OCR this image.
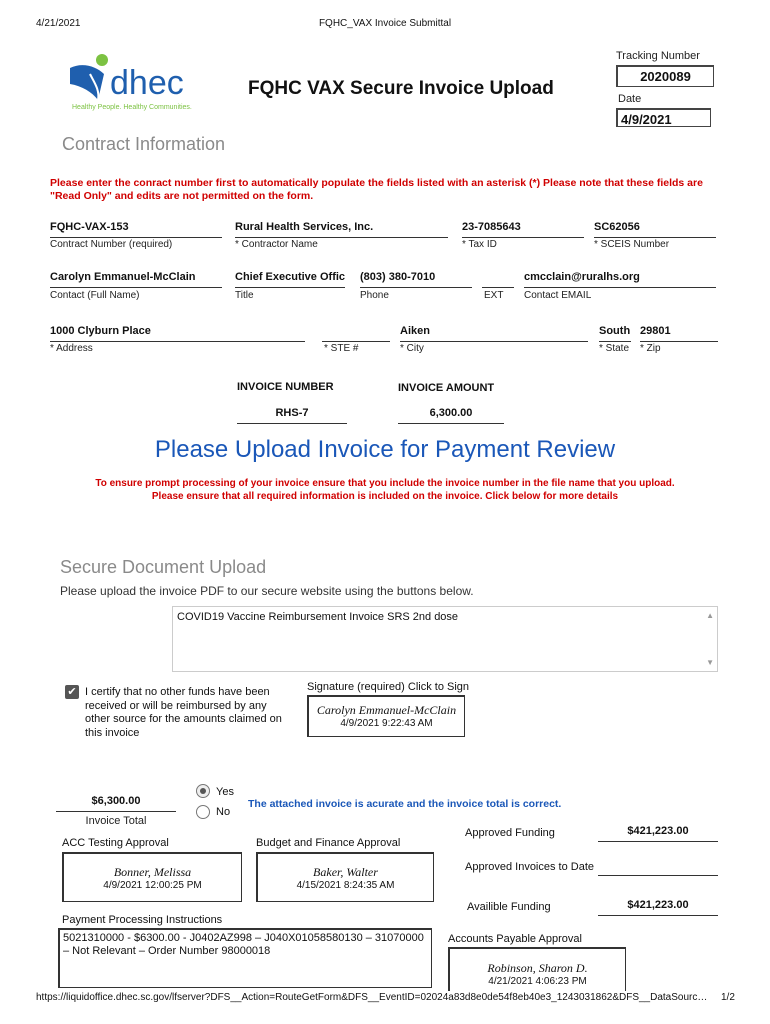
4/21/2021	FQHC_VAX Invoice Submittal
dhec
Healthy People. Healthy Communities.
FQHC VAX Secure Invoice Upload
Tracking Number
2020089
Date
4/9/2021
Contract Information
Please enter the conract number first to automatically populate the fields listed with an asterisk (*) Please note that these fields are "Read Only" and edits are not permitted on the form.
FQHC-VAX-153
Contract Number (required)
Rural Health Services, Inc.
* Contractor Name
23-7085643
* Tax ID
SC62056
* SCEIS Number
Carolyn Emmanuel-McClain
Contact (Full Name)
Chief Executive Offic
Title
(803) 380-7010
Phone	EXT
cmcclain@ruralhs.org
Contact EMAIL
1000 Clyburn Place
* Address	* STE #
Aiken
* City
South
* State
29801
* Zip
INVOICE NUMBER
RHS-7
INVOICE AMOUNT
6,300.00
Please Upload Invoice for Payment Review
To ensure prompt processing of your invoice ensure that you include the invoice number in the file name that you upload.
Please ensure that all required information is included on the invoice. Click below for more details
Secure Document Upload
Please upload the invoice PDF to our secure website using the buttons below.
COVID19 Vaccine Reimbursement Invoice SRS 2nd dose	▲
▼
✔ I certify that no other funds have been received or will be reimbursed by any other source for the amounts claimed on this invoice
Signature (required) Click to Sign
Carolyn Emmanuel-McClain
4/9/2021 9:22:43 AM
$6,300.00
Invoice Total
Yes
No
The attached invoice is acurate and the invoice total is correct.
ACC Testing Approval
Bonner, Melissa
4/9/2021 12:00:25 PM
Budget and Finance Approval
Baker, Walter
4/15/2021 8:24:35 AM
Approved Funding	$421,223.00
Approved Invoices to Date
Availible Funding	$421,223.00
Payment Processing Instructions
5021310000 - $6300.00 - J0402AZ998 – J040X01058580130 – 31070000 – Not Relevant – Order Number 98000018
Accounts Payable Approval
Robinson, Sharon D.
4/21/2021 4:06:23 PM
https://liquidoffice.dhec.sc.gov/lfserver?DFS__Action=RouteGetForm&DFS__EventID=02024a83d8e0de54f8eb40e3_1243031862&DFS__DataSourc… 1/2
